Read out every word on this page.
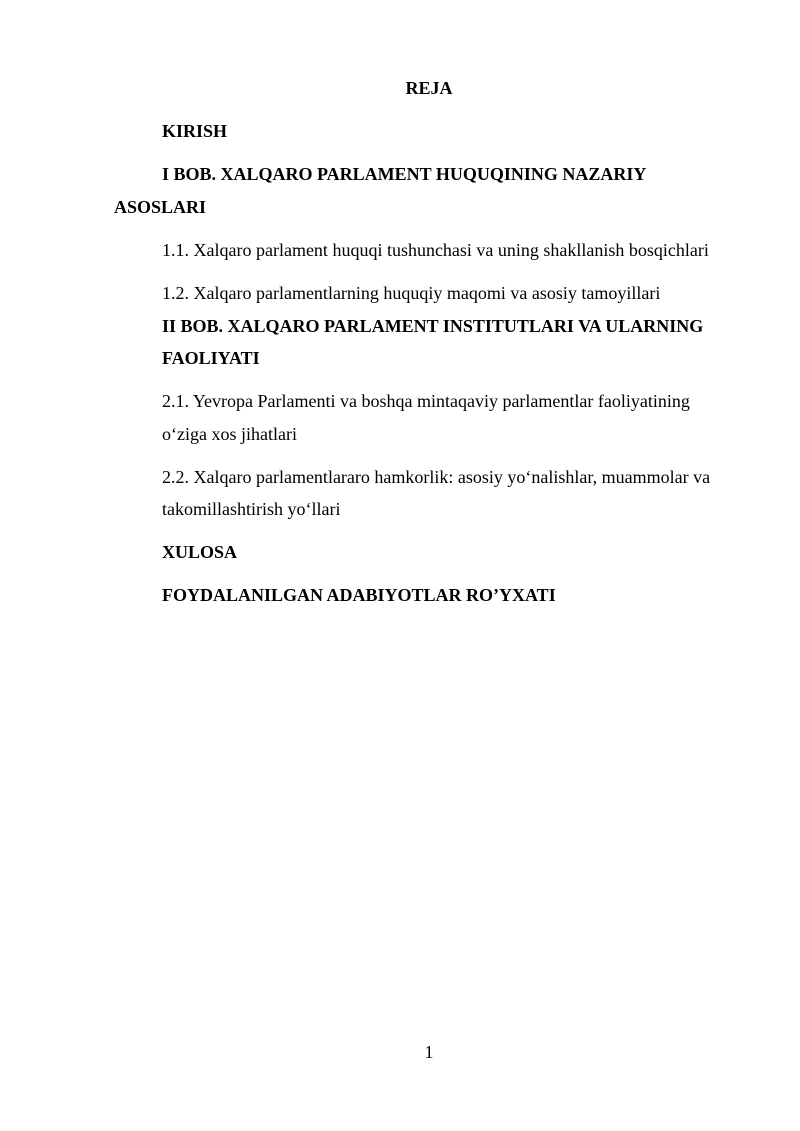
REJA

KIRISH

I BOB. XALQARO PARLAMENT HUQUQINING NAZARIY

ASOSLARI

1.1. Xalqaro parlament huquqi tushunchasi va uning shakllanish bosqichlari

1.2. Xalqaro parlamentlarning huquqiy maqomi va asosiy tamoyillari

II BOB. XALQARO PARLAMENT INSTITUTLARI VA ULARNING

FAOLIYATI

2.1. Yevropa Parlamenti va boshqa mintaqaviy parlamentlar faoliyatining

o‘ziga xos jihatlari

2.2. Xalqaro parlamentlararo hamkorlik: asosiy yo‘nalishlar, muammolar va

takomillashtirish yo‘llari

XULOSA

FOYDALANILGAN ADABIYOTLAR RO’YXATI

1
